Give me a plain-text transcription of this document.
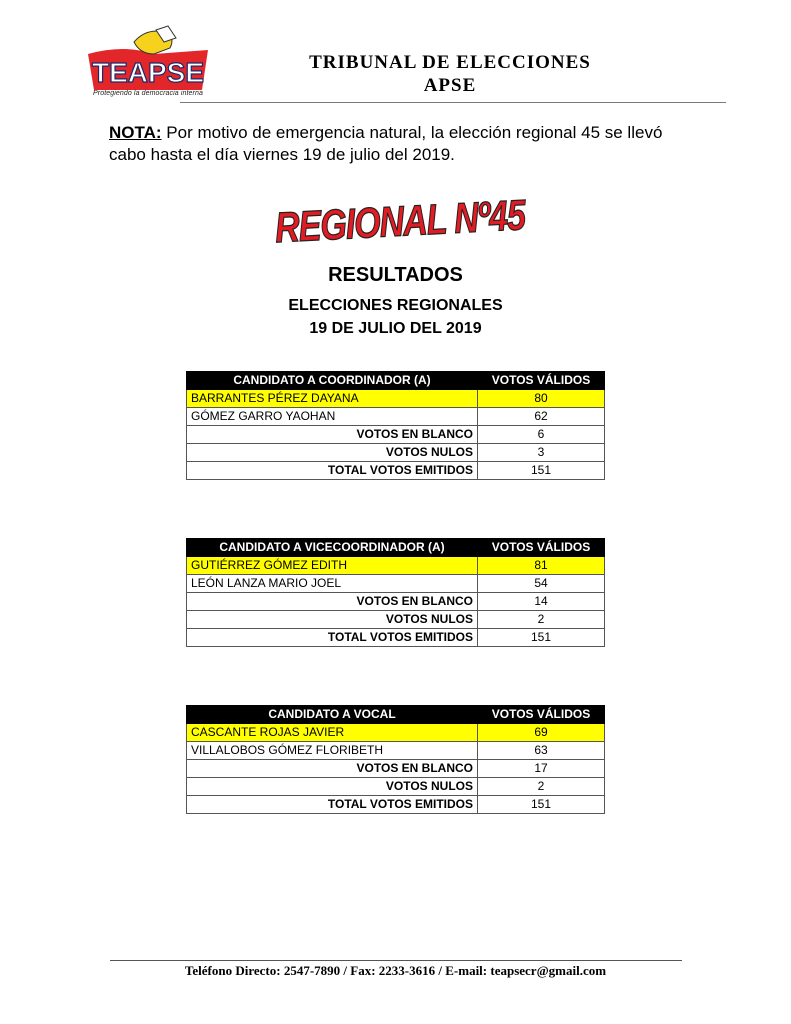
TEAPSE
Protegiendo la democracia interna
TRIBUNAL DE ELECCIONES
APSE
NOTA: Por motivo de emergencia natural, la elección regional 45 se llevó cabo hasta el día viernes 19 de julio del 2019.
REGIONAL Nº45
RESULTADOS
ELECCIONES REGIONALES
19 DE JULIO DEL 2019
CANDIDATO A COORDINADOR (A)	VOTOS VÁLIDOS
BARRANTES PÉREZ DAYANA	80
GÓMEZ GARRO YAOHAN	62
VOTOS EN BLANCO	6
VOTOS NULOS	3
TOTAL VOTOS EMITIDOS	151
CANDIDATO A VICECOORDINADOR (A)	VOTOS VÁLIDOS
GUTIÉRREZ GÓMEZ EDITH	81
LEÓN LANZA MARIO JOEL	54
VOTOS EN BLANCO	14
VOTOS NULOS	2
TOTAL VOTOS EMITIDOS	151
CANDIDATO A VOCAL	VOTOS VÁLIDOS
CASCANTE ROJAS JAVIER	69
VILLALOBOS GÓMEZ FLORIBETH	63
VOTOS EN BLANCO	17
VOTOS NULOS	2
TOTAL VOTOS EMITIDOS	151
Teléfono Directo: 2547-7890 / Fax: 2233-3616 / E-mail: teapsecr@gmail.com
